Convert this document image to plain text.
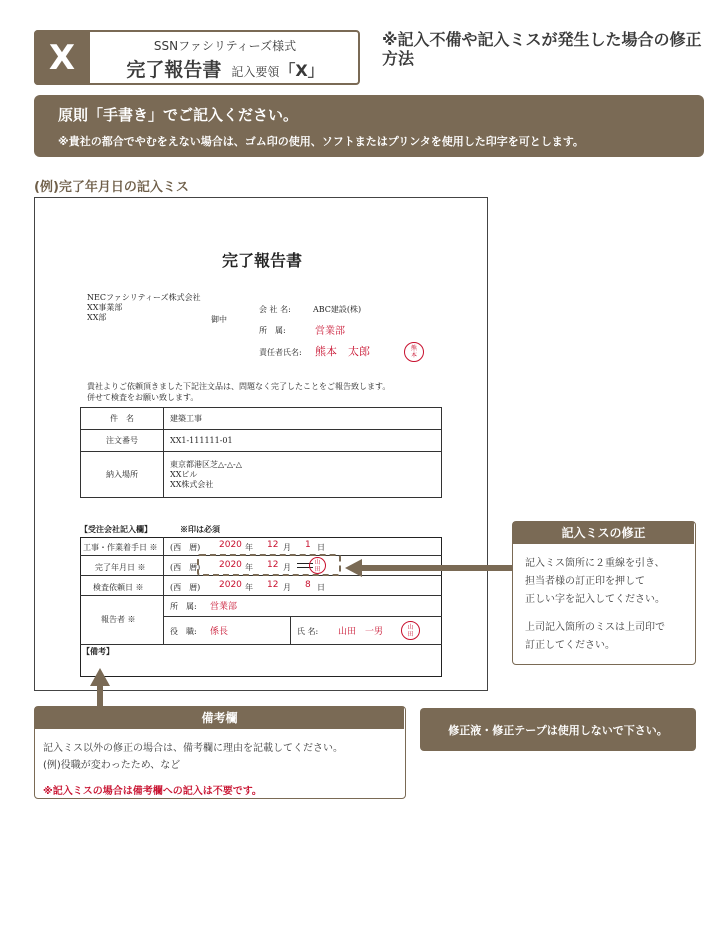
X	SSNファシリティーズ様式
完了報告書 記入要領「X」
※記入不備や記入ミスが発生した場合の修正方法
原則「手書き」でご記入ください。
※貴社の都合でやむをえない場合は、ゴム印の使用、ソフトまたはプリンタを使用した印字を可とします。
(例)完了年月日の記入ミス
完了報告書
NECファシリティーズ株式会社
XX事業部
XX部	御中
会 社 名:	ABC建設(株)
所　属:	営業部
責任者氏名: 熊本　太郎	熊
本
貴社よりご依頼頂きました下記注文品は、問題なく完了したことをご報告致します。
併せて検査をお願い致します。
件　名	建築工事
注文番号	XX1-111111-01
納入場所	東京都港区芝△-△-△
XXビル
XX株式会社
【受注会社記入欄】	※印は必須
工事・作業着手日 ※ (西　暦) 2020 年 12 月 1 日
完了年月日 ※	(西　暦) 2020 年 12 月
山
田
検査依頼日 ※	(西　暦) 2020 年 12 月 8 日
報告者 ※
所　属: 営業部
役　職: 係長	氏 名: 山田　一男	山
田
【備考】
記入ミスの修正
記入ミス箇所に２重線を引き、
担当者様の訂正印を押して
正しい字を記入してください。
上司記入箇所のミスは上司印で
訂正してください。
備考欄
記入ミス以外の修正の場合は、備考欄に理由を記載してください。
(例)役職が変わったため、など
※記入ミスの場合は備考欄への記入は不要です。
修正液・修正テープは使用しないで下さい。
